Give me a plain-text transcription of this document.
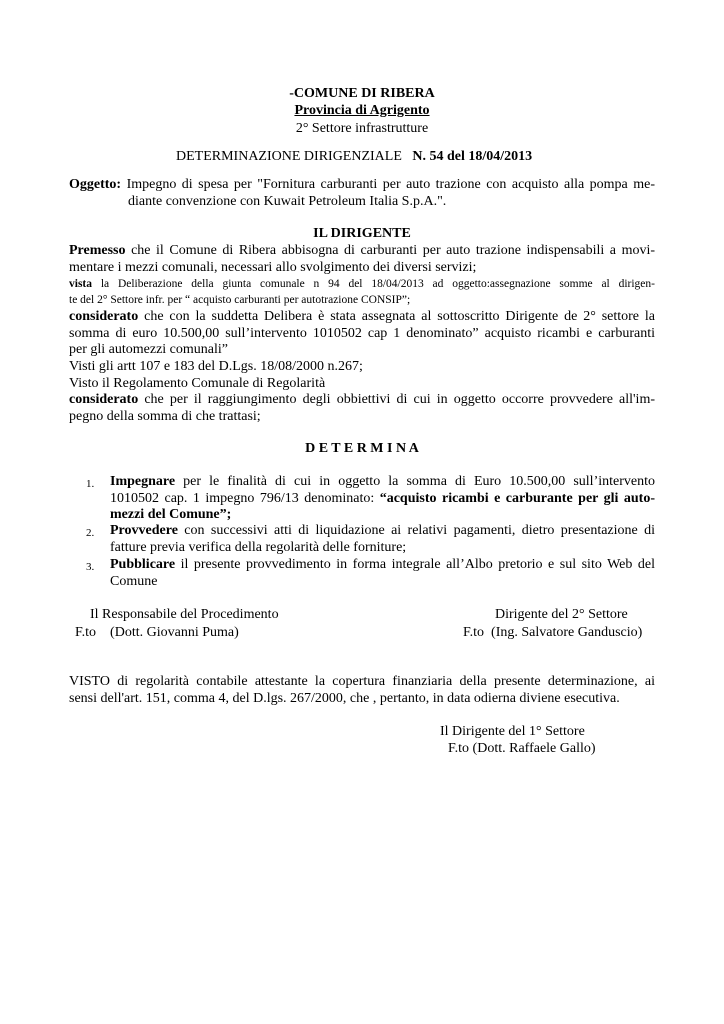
-COMUNE DI RIBERA
Provincia di Agrigento
2° Settore infrastrutture
DETERMINAZIONE DIRIGENZIALE N. 54 del 18/04/2013
Oggetto: Impegno di spesa per "Fornitura carburanti per auto trazione con acquisto alla pompa me-
diante convenzione con Kuwait Petroleum Italia S.p.A.".
IL DIRIGENTE
Premesso che il Comune di Ribera abbisogna di carburanti per auto trazione indispensabili a movi-
mentare i mezzi comunali, necessari allo svolgimento dei diversi servizi;
vista la Deliberazione della giunta comunale n 94 del 18/04/2013 ad oggetto:assegnazione somme al dirigen-
te del 2° Settore infr. per “ acquisto carburanti per autotrazione CONSIP”;
considerato che con la suddetta Delibera è stata assegnata al sottoscritto Dirigente de 2° settore la
somma di euro 10.500,00 sull’intervento 1010502 cap 1 denominato” acquisto ricambi e carburanti
per gli automezzi comunali”
Visti gli artt 107 e 183 del D.Lgs. 18/08/2000 n.267;
Visto il Regolamento Comunale di Regolarità
considerato che per il raggiungimento degli obbiettivi di cui in oggetto occorre provvedere all'im-
pegno della somma di che trattasi;
D E T E R M I N A
1. Impegnare per le finalità di cui in oggetto la somma di Euro 10.500,00 sull’intervento
1010502 cap. 1 impegno 796/13 denominato: “acquisto ricambi e carburante per gli auto-
mezzi del Comune”;
2. Provvedere con successivi atti di liquidazione ai relativi pagamenti, dietro presentazione di
fatture previa verifica della regolarità delle forniture;
3. Pubblicare il presente provvedimento in forma integrale all’Albo pretorio e sul sito Web del
Comune
Il Responsabile del Procedimento
F.to    (Dott. Giovanni Puma)
Dirigente del 2° Settore
F.to  (Ing. Salvatore Ganduscio)
VISTO di regolarità contabile attestante la copertura finanziaria della presente determinazione, ai
sensi dell'art. 151, comma 4, del D.lgs. 267/2000, che , pertanto, in data odierna diviene esecutiva.
Il Dirigente del 1° Settore
F.to (Dott. Raffaele Gallo)
